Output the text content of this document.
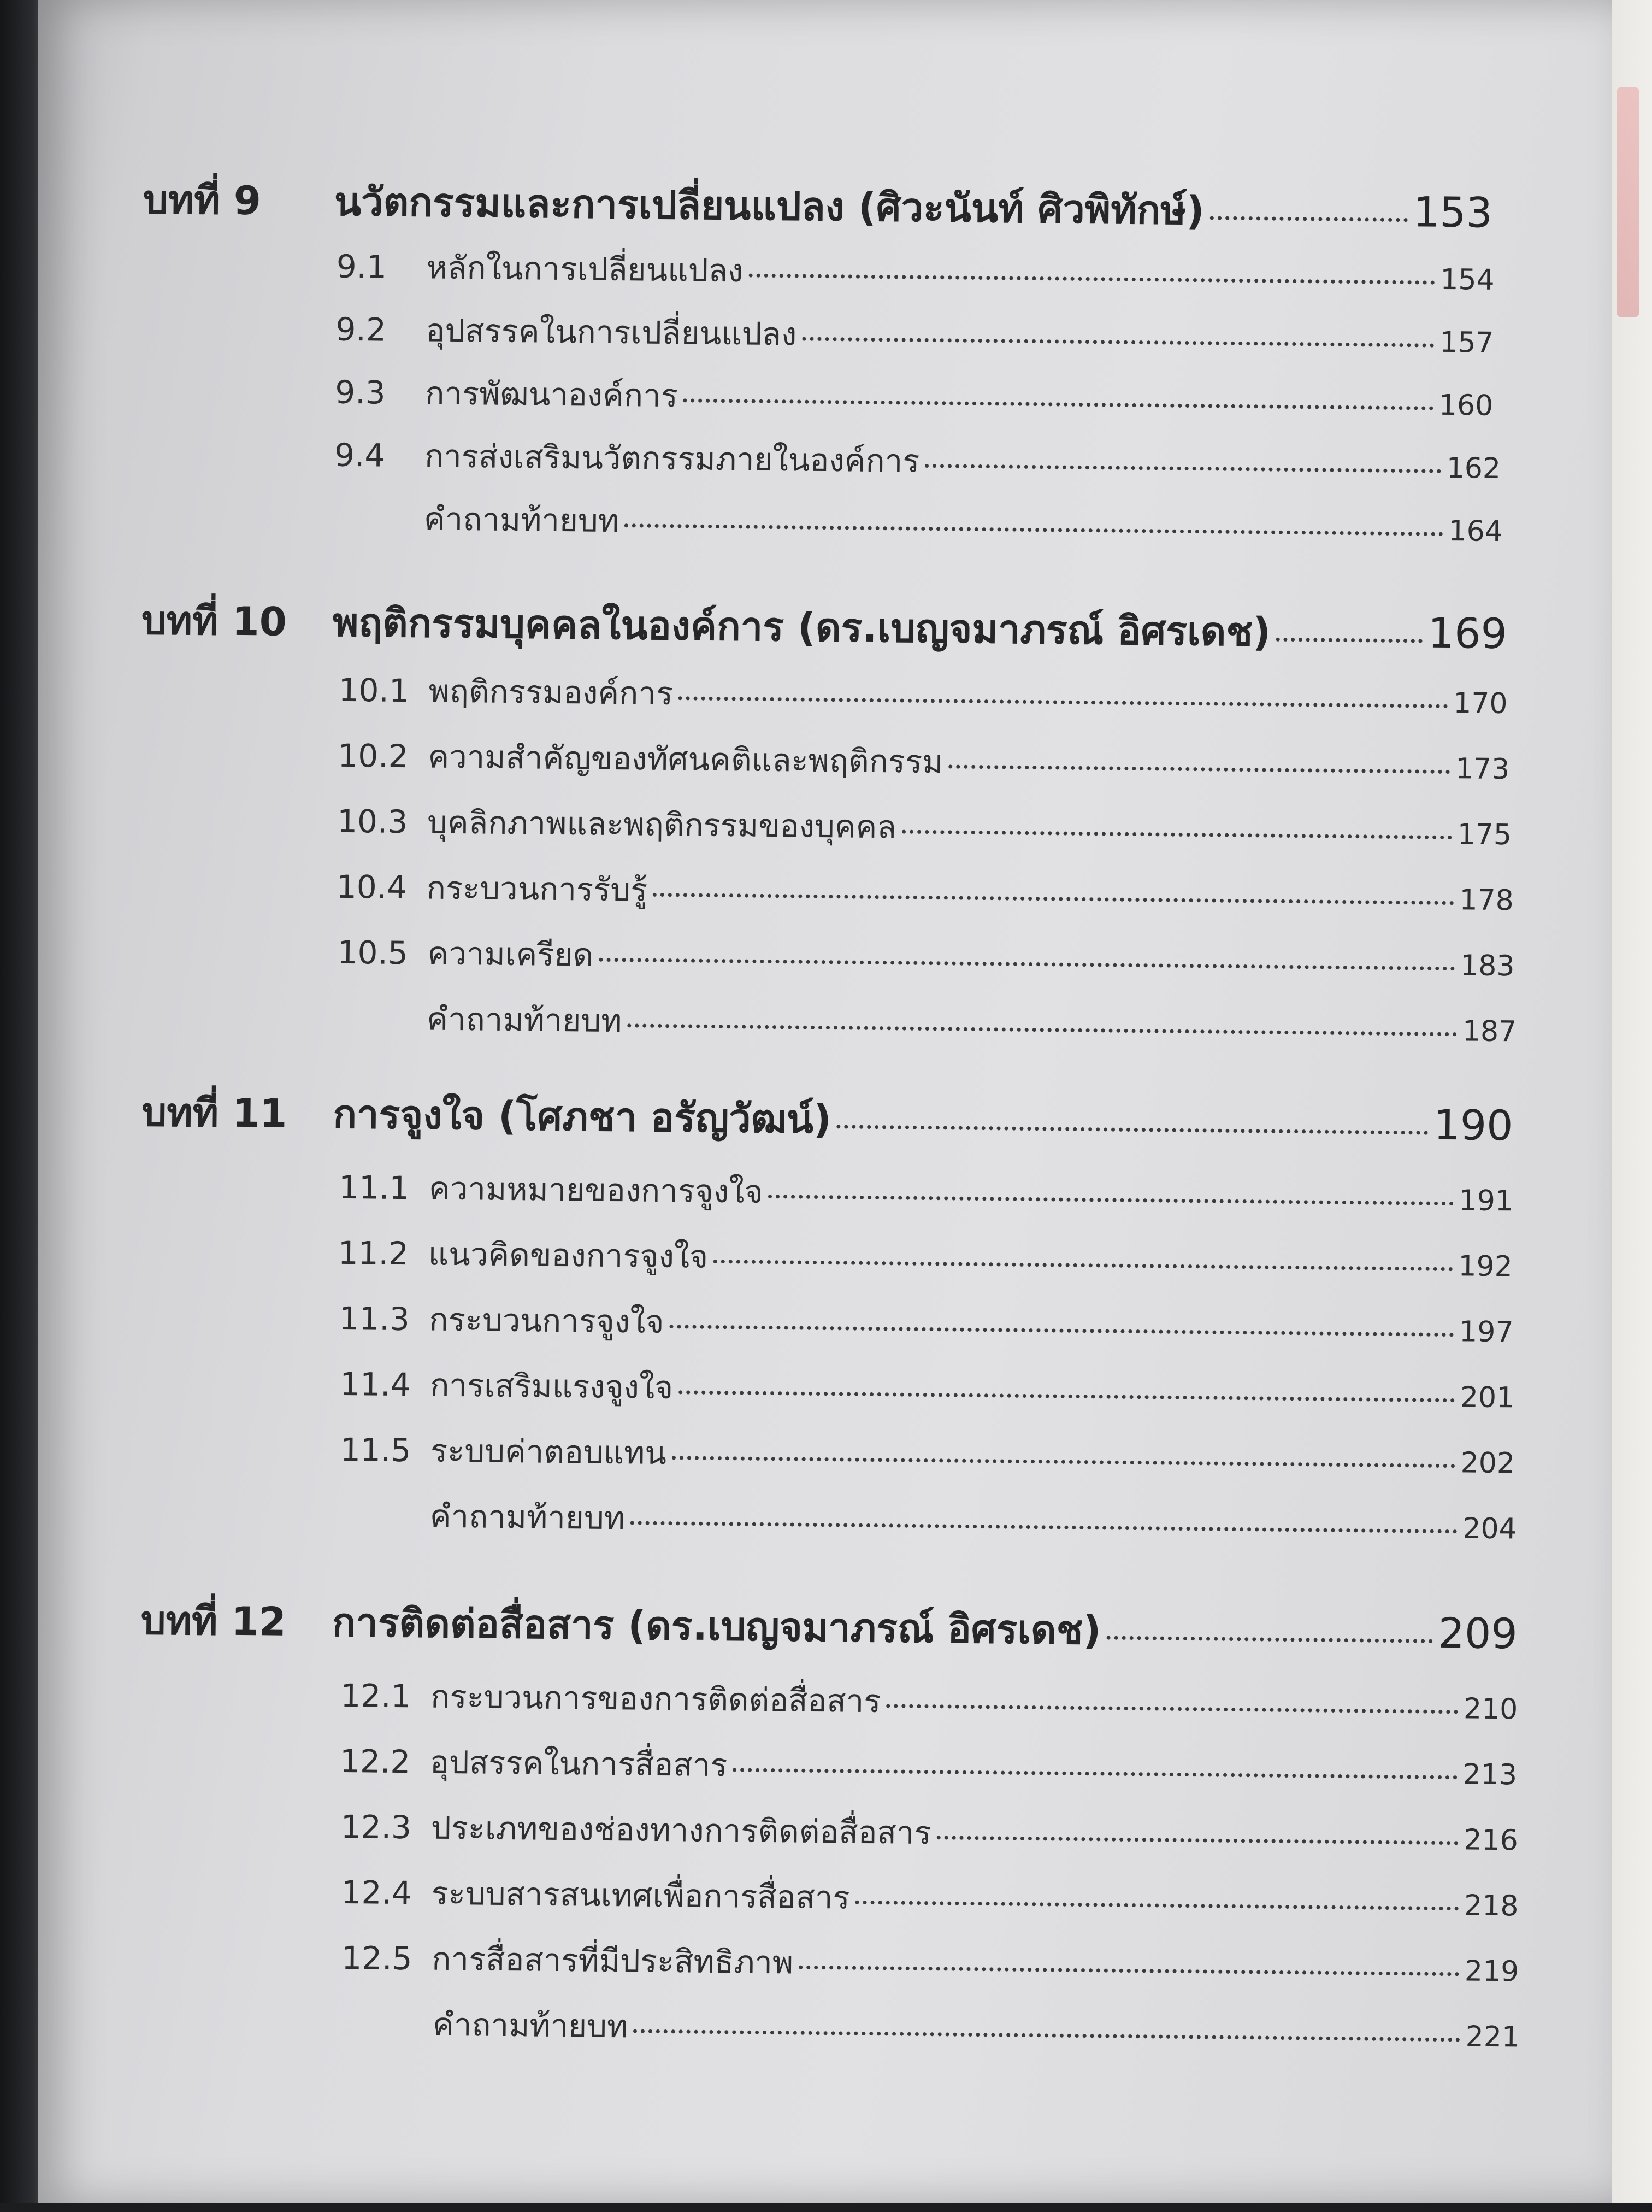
บทที่ 9	นวัตกรรมและการเปลี่ยนแปลง (ศิวะนันท์ ศิวพิทักษ์)	153
9.1	หลักในการเปลี่ยนแปลง	154
9.2	อุปสรรคในการเปลี่ยนแปลง	157
9.3	การพัฒนาองค์การ	160
9.4	การส่งเสริมนวัตกรรมภายในองค์การ	162
คำถามท้ายบท	164
บทที่ 10	พฤติกรรมบุคคลในองค์การ (ดร.เบญจมาภรณ์ อิศรเดช)	169
10.1 พฤติกรรมองค์การ	170
10.2 ความสำคัญของทัศนคติและพฤติกรรม	173
10.3 บุคลิกภาพและพฤติกรรมของบุคคล	175
10.4 กระบวนการรับรู้	178
10.5 ความเครียด	183
คำถามท้ายบท	187
บทที่ 11	การจูงใจ (โศภชา อรัญวัฒน์)	190
11.1 ความหมายของการจูงใจ	191
11.2 แนวคิดของการจูงใจ	192
11.3 กระบวนการจูงใจ	197
11.4 การเสริมแรงจูงใจ	201
11.5 ระบบค่าตอบแทน	202
คำถามท้ายบท	204
บทที่ 12	การติดต่อสื่อสาร (ดร.เบญจมาภรณ์ อิศรเดช)	209
12.1 กระบวนการของการติดต่อสื่อสาร	210
12.2 อุปสรรคในการสื่อสาร	213
12.3 ประเภทของช่องทางการติดต่อสื่อสาร	216
12.4 ระบบสารสนเทศเพื่อการสื่อสาร	218
12.5 การสื่อสารที่มีประสิทธิภาพ	219
คำถามท้ายบท	221
